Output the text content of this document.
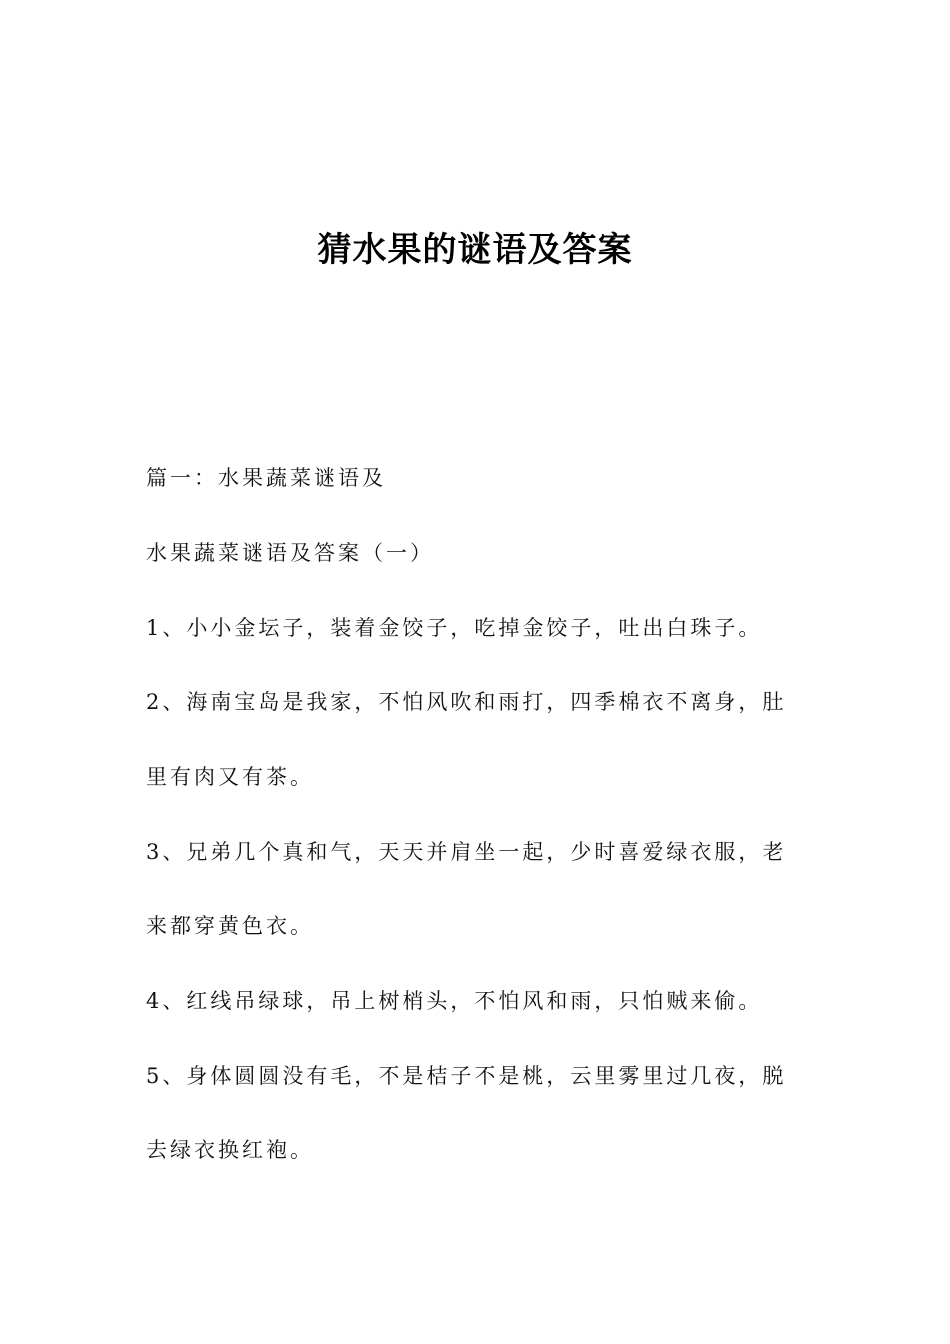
猜水果的谜语及答案
篇一：水果蔬菜谜语及
水果蔬菜谜语及答案（一）
1、小小金坛子，装着金饺子，吃掉金饺子，吐出白珠子。
2、海南宝岛是我家，不怕风吹和雨打，四季棉衣不离身，肚
里有肉又有茶。
3、兄弟几个真和气，天天并肩坐一起，少时喜爱绿衣服，老
来都穿黄色衣。
4、红线吊绿球，吊上树梢头，不怕风和雨，只怕贼来偷。
5、身体圆圆没有毛，不是桔子不是桃，云里雾里过几夜，脱
去绿衣换红袍。
